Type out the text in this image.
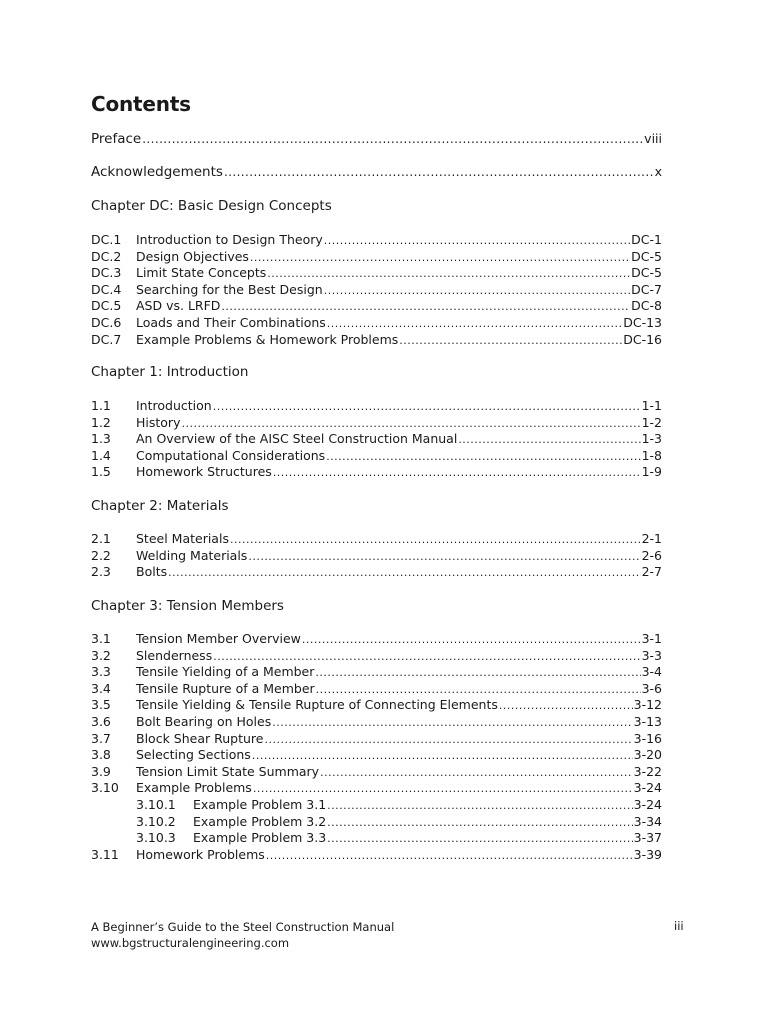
Contents
Preface .....	viii
Acknowledgements .....	x
Chapter DC: Basic Design Concepts
DC.1	Introduction to Design Theory .....	DC-1
DC.2	Design Objectives .....	DC-5
DC.3	Limit State Concepts .....	DC-5
DC.4	Searching for the Best Design .....	DC-7
DC.5	ASD vs. LRFD .....	DC-8
DC.6	Loads and Their Combinations .....	DC-13
DC.7	Example Problems & Homework Problems .....	DC-16
Chapter 1: Introduction
1.1	Introduction .....	1-1
1.2	History .....	1-2
1.3	An Overview of the AISC Steel Construction Manual .....	1-3
1.4	Computational Considerations .....	1-8
1.5	Homework Structures .....	1-9
Chapter 2: Materials
2.1	Steel Materials .....	2-1
2.2	Welding Materials .....	2-6
2.3	Bolts .....	2-7
Chapter 3: Tension Members
3.1	Tension Member Overview .....	3-1
3.2	Slenderness .....	3-3
3.3	Tensile Yielding of a Member .....	3-4
3.4	Tensile Rupture of a Member .....	3-6
3.5	Tensile Yielding & Tensile Rupture of Connecting Elements .....	3-12
3.6	Bolt Bearing on Holes .....	3-13
3.7	Block Shear Rupture .....	3-16
3.8	Selecting Sections .....	3-20
3.9	Tension Limit State Summary .....	3-22
3.10	Example Problems .....	3-24
3.10.1	Example Problem 3.1 .....	3-24
3.10.2	Example Problem 3.2 .....	3-34
3.10.3	Example Problem 3.3 .....	3-37
3.11	Homework Problems .....	3-39
A Beginner’s Guide to the Steel Construction Manual
www.bgstructuralengineering.com
iii
